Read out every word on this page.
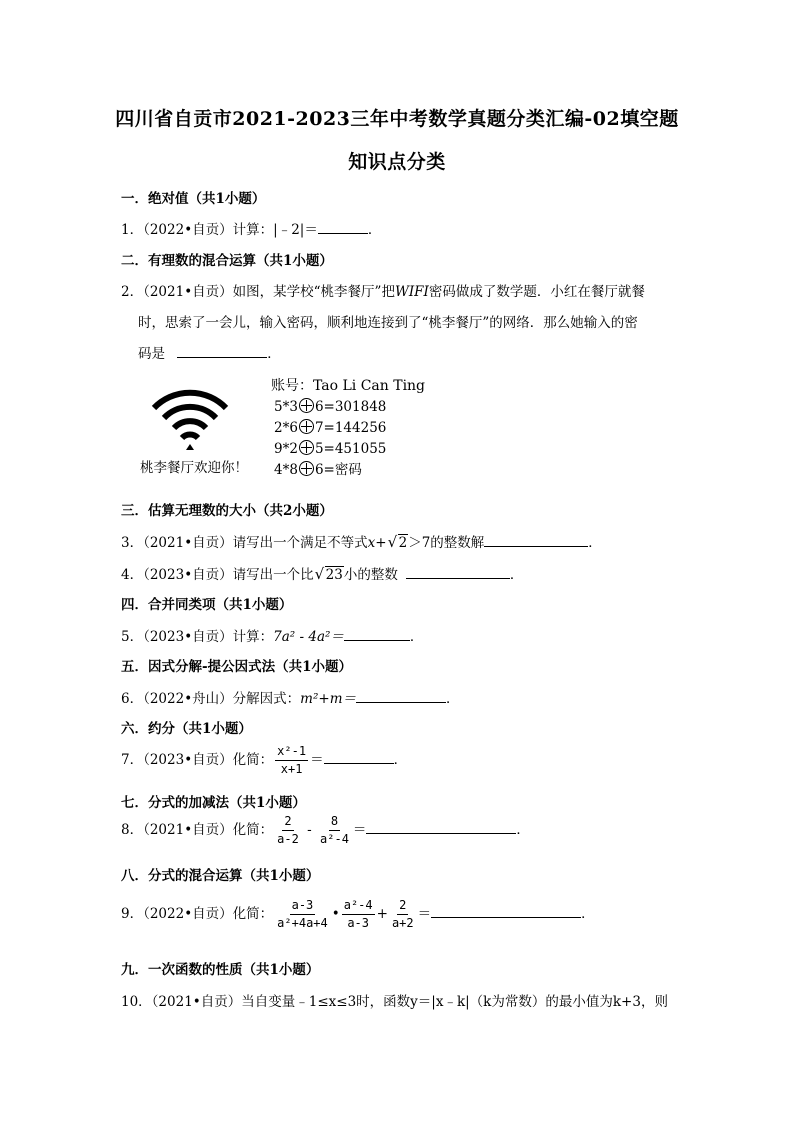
四川省自贡市2021-2023三年中考数学真题分类汇编-02填空题
知识点分类
一．绝对值（共1小题）
1．（2022•自贡）计算：|﹣2|＝	．
二．有理数的混合运算（共1小题）
2．（2021•自贡）如图，某学校“桃李餐厅”把WIFI密码做成了数学题．小红在餐厅就餐
时，思索了一会儿，输入密码，顺利地连接到了“桃李餐厅”的网络．那么她输入的密
码是	．
桃李餐厅欢迎你！
账号：Tao Li Can Ting
5*3 6=301848
2*6 7=144256
9*2 5=451055
4*8 6=密码
三．估算无理数的大小（共2小题）
3．（2021•自贡）请写出一个满足不等式x+ √ 2＞7的整数解	．
4．（2023•自贡）请写出一个比 √ 23小的整数	．
四．合并同类项（共1小题）
5．（2023•自贡）计算：7a² - 4a²＝	．
五．因式分解-提公因式法（共1小题）
6．（2022•舟山）分解因式：m²+m＝	．
六．约分（共1小题）
7．（2023•自贡）化简： $\frac{\text{x²-1}}{x+1}$ ＝	．
七．分式的加减法（共1小题）
8．（2021•自贡）化简： $\frac{2}{a-2} - \frac{8}{\text{a²-4}}$ ＝	．
八．分式的混合运算（共1小题）
9．（2022•自贡）化简： $\frac{a-3}{\text{a²+4a+4}}$ • $\frac{\text{a²-4}}{a-3} + \frac{2}{a+2}$ ＝	．
九．一次函数的性质（共1小题）
10．（2021•自贡）当自变量﹣1≤x≤3时，函数y＝|x﹣k|（k为常数）的最小值为k+3，则
